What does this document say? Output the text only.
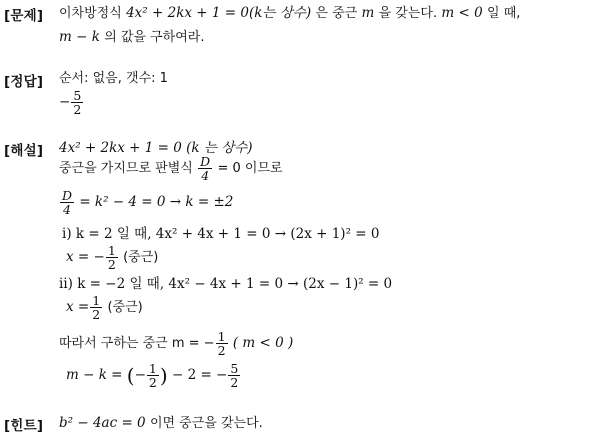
[문제] 이차방정식 4x² + 2kx + 1 = 0(k는 상수) 은 중근 m 을 갖는다. m < 0 일 때,
m − k 의 값을 구하여라.
[정답] 순서: 없음, 갯수: 1
− $\frac{5}{2}$
[해설] 4x² + 2kx + 1 = 0 (k 는 상수)
중근을 가지므로 판별식 $\frac{D}{4} = 0$ 이므로
$\frac{D}{4} = k^2 - 4 = 0 \to k = \pm 2$
ⅰ) k = 2 일 때, 4x² + 4x + 1 = 0 → (2x + 1)² = 0
x = − $\frac{1}{2}$ (중근)
ⅱ) k = −2 일 때, 4x² − 4x + 1 = 0 → (2x − 1)² = 0
$x = \frac{1}{2}$ (중근)
따라서 구하는 중근 m = − $\frac{1}{2}$ ( m < 0 )
m − k = (− $\frac{1}{2}$ ) − 2 = − $\frac{5}{2}$
[힌트] b² − 4ac = 0 이면 중근을 갖는다.
